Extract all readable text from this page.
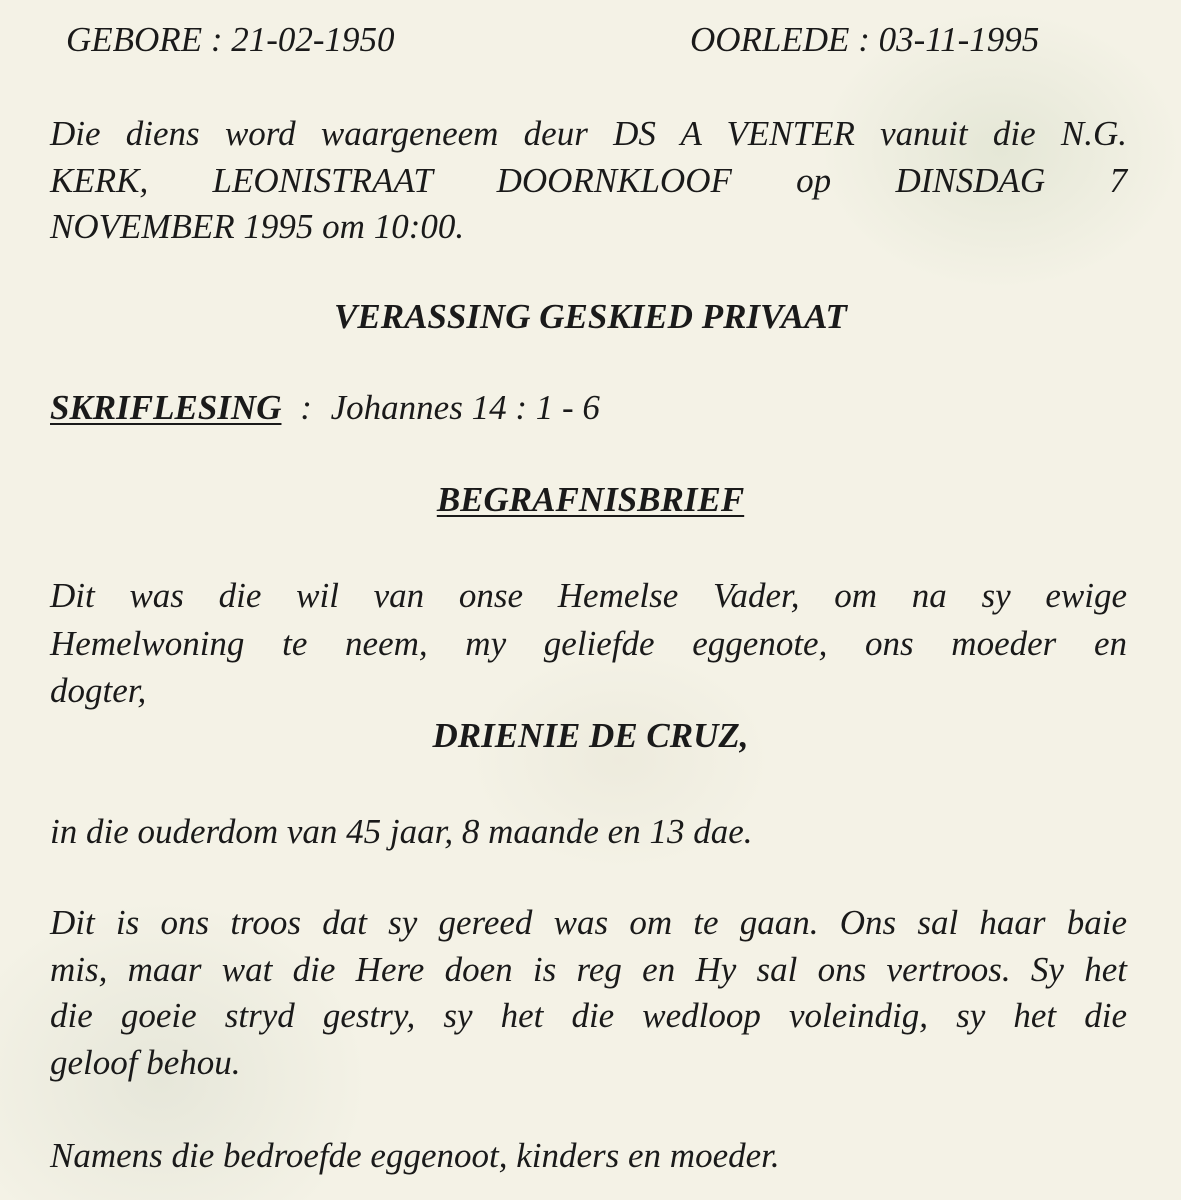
GEBORE : 21-02-1950	OORLEDE : 03-11-1995
Die diens word waargeneem deur DS A VENTER vanuit die N.G.
KERK, LEONISTRAAT DOORNKLOOF op DINSDAG 7
NOVEMBER 1995 om 10:00.
VERASSING GESKIED PRIVAAT
SKRIFLESING : Johannes 14 : 1 - 6
BEGRAFNISBRIEF
Dit was die wil van onse Hemelse Vader, om na sy ewige
Hemelwoning te neem, my geliefde eggenote, ons moeder en
dogter,
DRIENIE DE CRUZ,
in die ouderdom van 45 jaar, 8 maande en 13 dae.
Dit is ons troos dat sy gereed was om te gaan. Ons sal haar baie
mis, maar wat die Here doen is reg en Hy sal ons vertroos. Sy het
die goeie stryd gestry, sy het die wedloop voleindig, sy het die
geloof behou.
Namens die bedroefde eggenoot, kinders en moeder.
